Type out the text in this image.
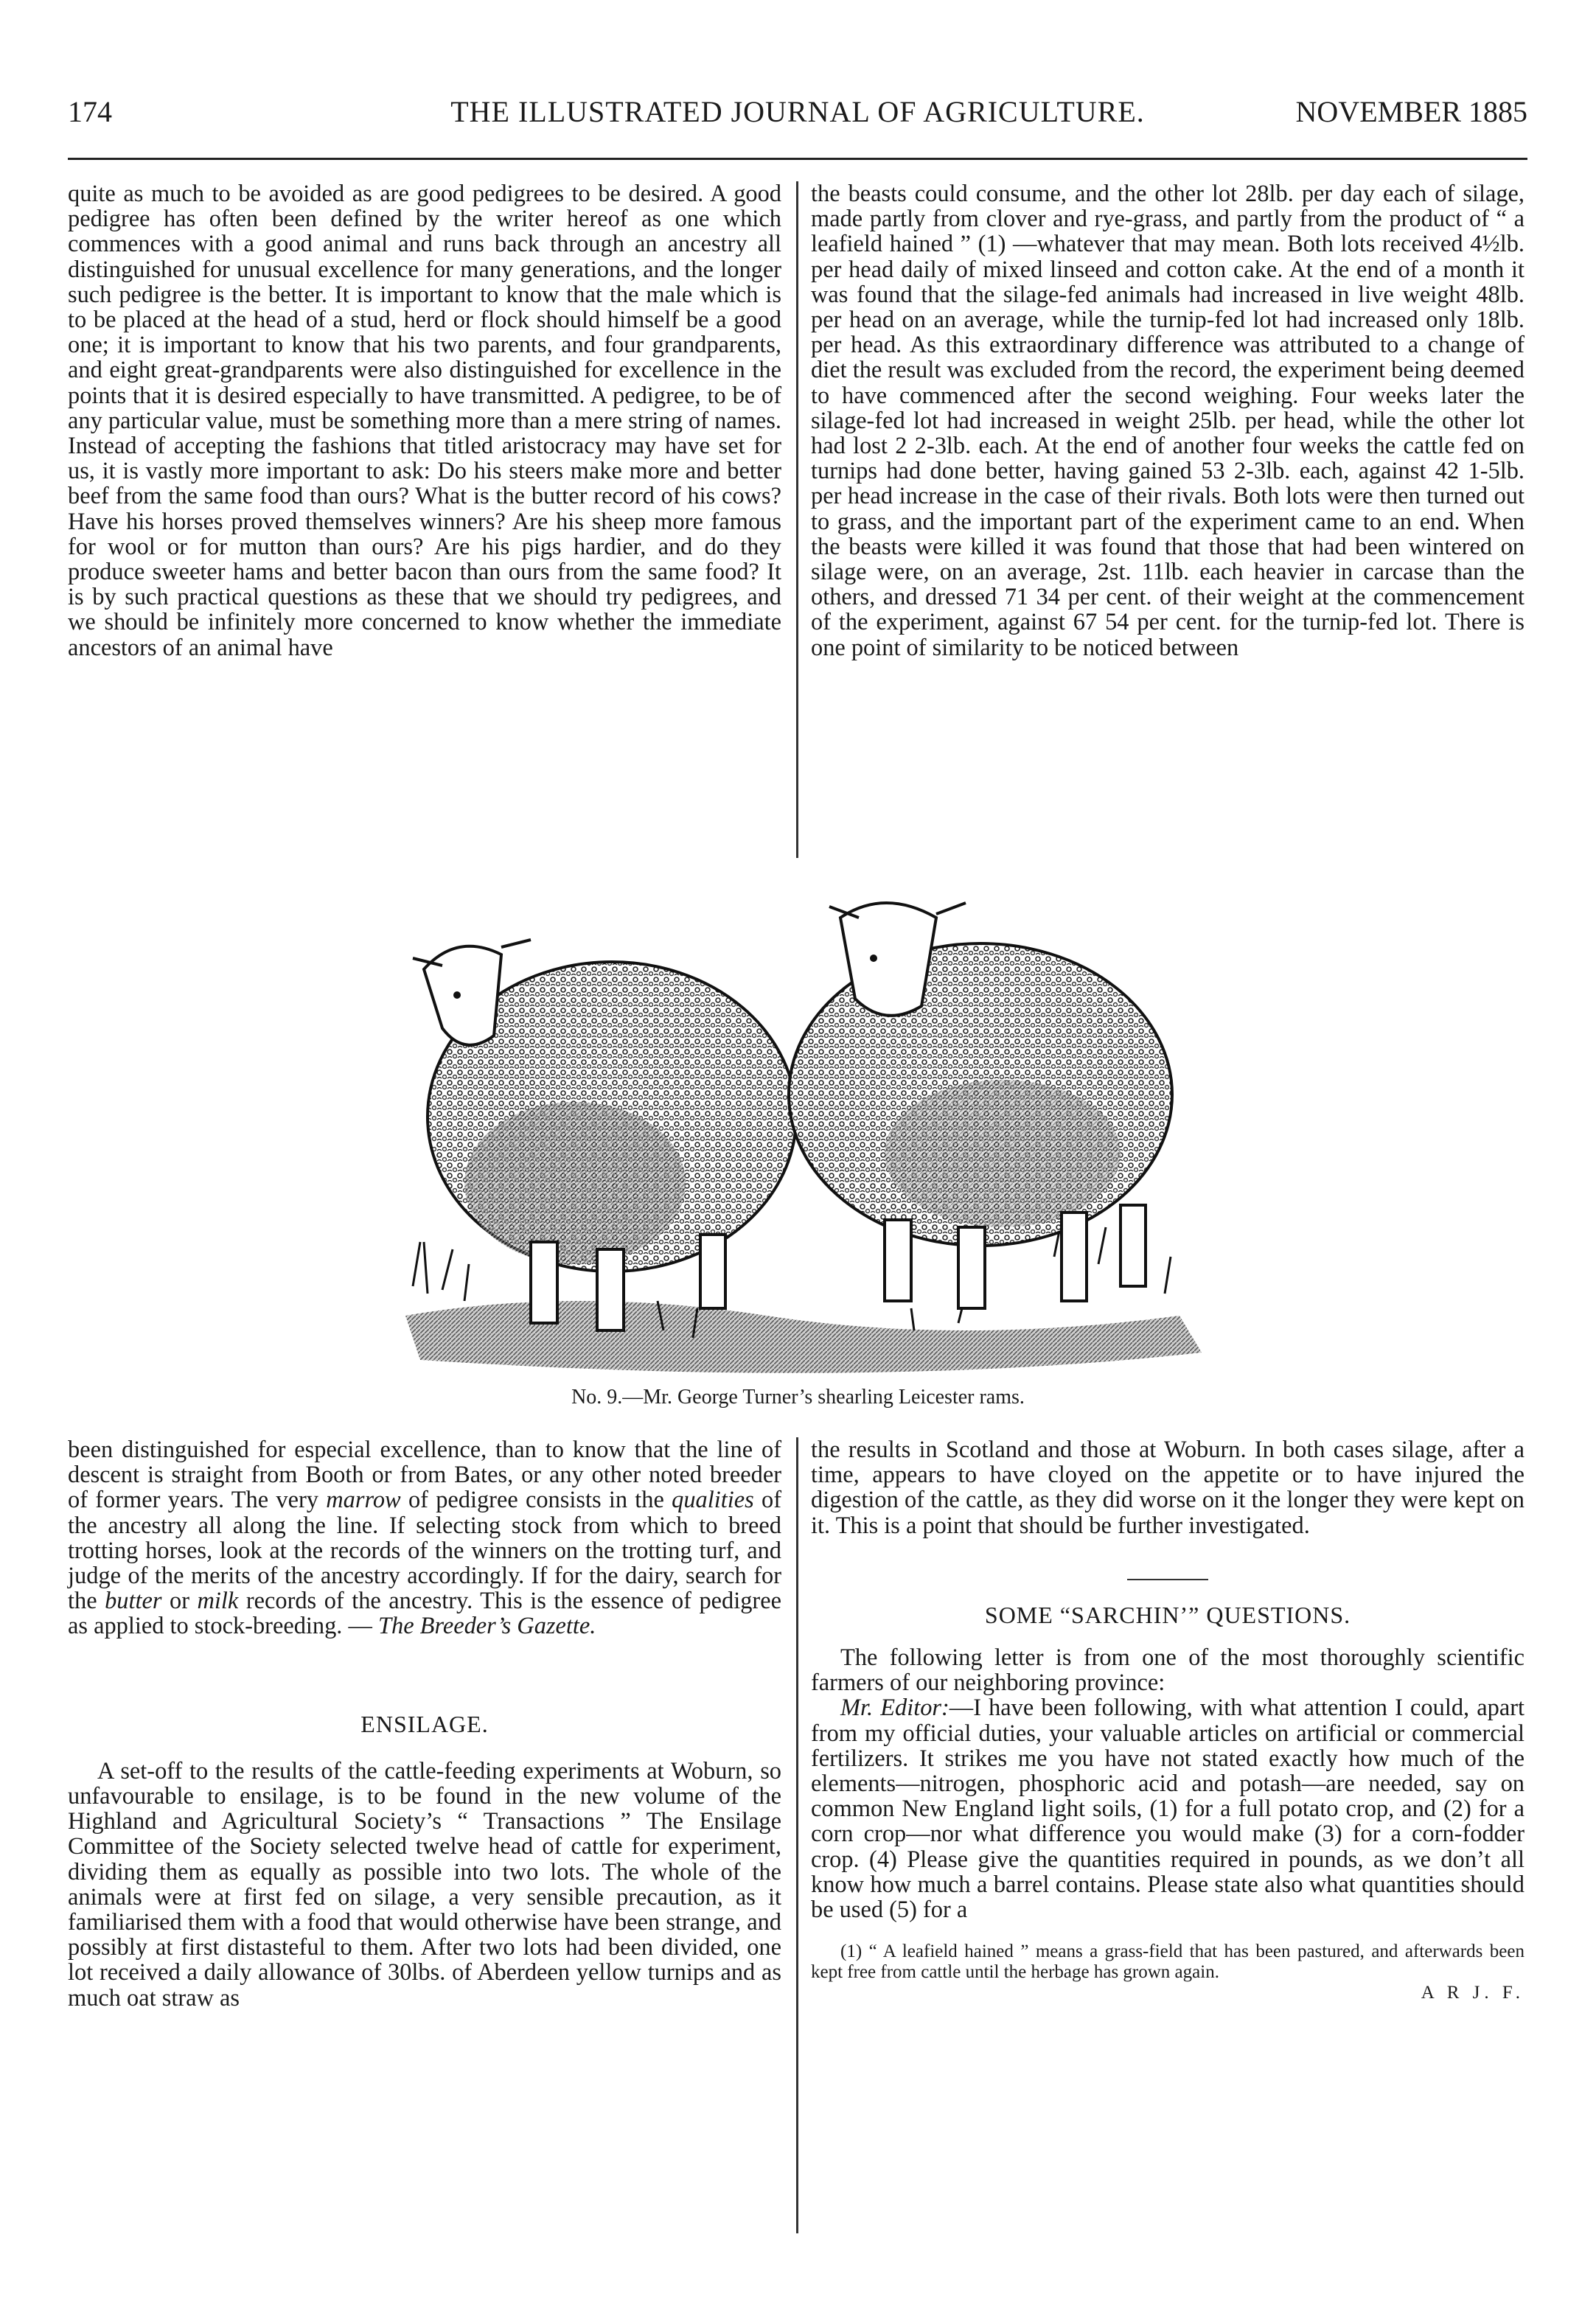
174	THE ILLUSTRATED JOURNAL OF AGRICULTURE.	NOVEMBER 1885

quite as much to be avoided as are good pedigrees to be desired. A good pedigree has often been defined by the writer hereof as one which commences with a good animal and runs back through an ancestry all distinguished for unusual excellence for many generations, and the longer such pedigree is the better. It is important to know that the male which is to be placed at the head of a stud, herd or flock should himself be a good one; it is important to know that his two parents, and four grandparents, and eight great-grandparents were also distinguished for excellence in the points that it is desired especially to have transmitted. A pedigree, to be of any particular value, must be something more than a mere string of names. Instead of accepting the fashions that titled aristocracy may have set for us, it is vastly more important to ask: Do his steers make more and better beef from the same food than ours? What is the butter record of his cows? Have his horses proved themselves winners? Are his sheep more famous for wool or for mutton than ours? Are his pigs hardier, and do they produce sweeter hams and better bacon than ours from the same food? It is by such practical questions as these that we should try pedigrees, and we should be infinitely more concerned to know whether the immediate ancestors of an animal have

the beasts could consume, and the other lot 28lb. per day each of silage, made partly from clover and rye-grass, and partly from the product of “ a leafield hained ” (1) —whatever that may mean. Both lots received 4½lb. per head daily of mixed linseed and cotton cake. At the end of a month it was found that the silage-fed animals had increased in live weight 48lb. per head on an average, while the turnip-fed lot had increased only 18lb. per head. As this extraordinary difference was attributed to a change of diet the result was excluded from the record, the experiment being deemed to have commenced after the second weighing. Four weeks later the silage-fed lot had increased in weight 25lb. per head, while the other lot had lost 2 2-3lb. each. At the end of another four weeks the cattle fed on turnips had done better, having gained 53 2-3lb. each, against 42 1-5lb. per head increase in the case of their rivals. Both lots were then turned out to grass, and the important part of the experiment came to an end. When the beasts were killed it was found that those that had been wintered on silage were, on an average, 2st. 11lb. each heavier in carcase than the others, and dressed 71 34 per cent. of their weight at the commencement of the experiment, against 67 54 per cent. for the turnip-fed lot. There is one point of similarity to be noticed between

No. 9.—Mr. George Turner’s shearling Leicester rams.

been distinguished for especial excellence, than to know that the line of descent is straight from Booth or from Bates, or any other noted breeder of former years. The very marrow of pedigree consists in the qualities of the ancestry all along the line. If selecting stock from which to breed trotting horses, look at the records of the winners on the trotting turf, and judge of the merits of the ancestry accordingly. If for the dairy, search for the butter or milk records of the ancestry. This is the essence of pedigree as applied to stock-breeding. — The Breeder’s Gazette.

ENSILAGE.

A set-off to the results of the cattle-feeding experiments at Woburn, so unfavourable to ensilage, is to be found in the new volume of the Highland and Agricultural Society’s “ Transactions ” The Ensilage Committee of the Society selected twelve head of cattle for experiment, dividing them as equally as possible into two lots. The whole of the animals were at first fed on silage, a very sensible precaution, as it familiarised them with a food that would otherwise have been strange, and possibly at first distasteful to them. After two lots had been divided, one lot received a daily allowance of 30lbs. of Aberdeen yellow turnips and as much oat straw as

the results in Scotland and those at Woburn. In both cases silage, after a time, appears to have cloyed on the appetite or to have injured the digestion of the cattle, as they did worse on it the longer they were kept on it. This is a point that should be further investigated.

SOME “SARCHIN’” QUESTIONS.

The following letter is from one of the most thoroughly scientific farmers of our neighboring province:

Mr. Editor:—I have been following, with what attention I could, apart from my official duties, your valuable articles on artificial or commercial fertilizers. It strikes me you have not stated exactly how much of the elements—nitrogen, phosphoric acid and potash—are needed, say on common New England light soils, (1) for a full potato crop, and (2) for a corn crop—nor what difference you would make (3) for a corn-fodder crop. (4) Please give the quantities required in pounds, as we don’t all know how much a barrel contains. Please state also what quantities should be used (5) for a

(1) “ A leafield hained ” means a grass-field that has been pastured, and afterwards been kept free from cattle until the herbage has grown again.

A R J. F.
